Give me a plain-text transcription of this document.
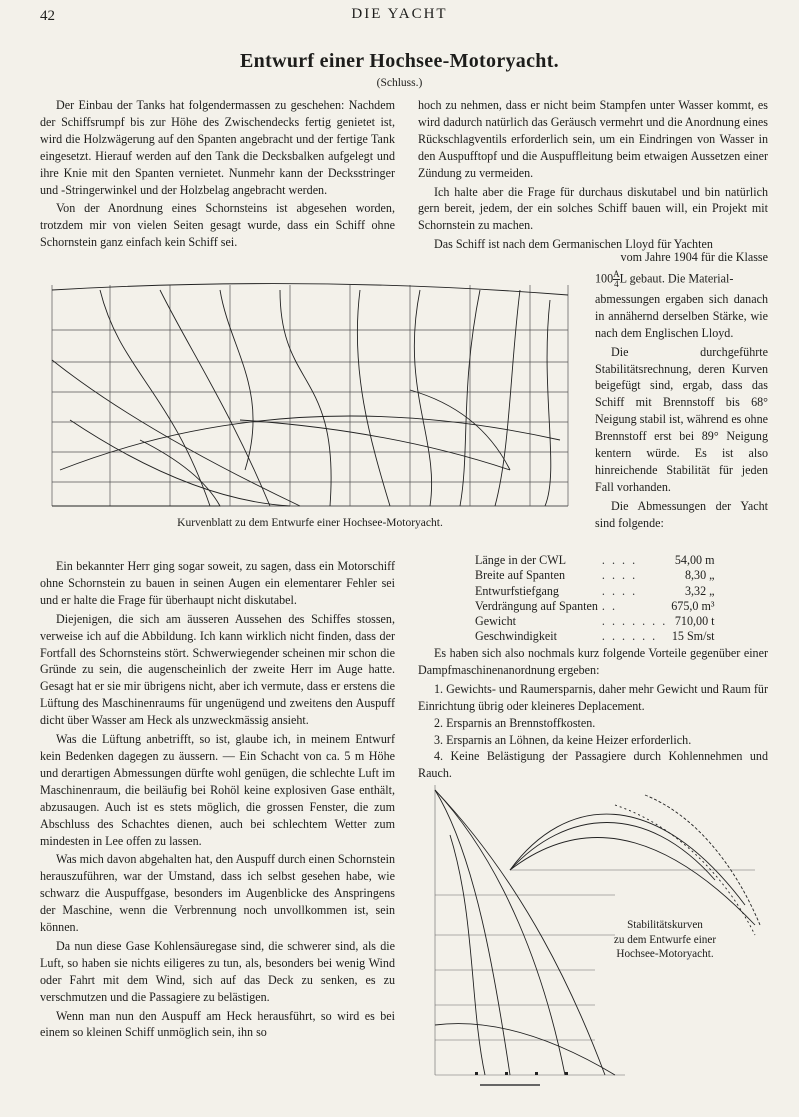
42	DIE YACHT
Entwurf einer Hochsee-Motoryacht.
(Schluss.)

Der Einbau der Tanks hat folgendermassen zu geschehen: Nachdem der Schiffsrumpf bis zur Höhe des Zwischendecks fertig genietet ist, wird die Holzwägerung auf den Spanten angebracht und der fertige Tank eingesetzt. Hierauf werden auf den Tank die Decksbalken aufgelegt und ihre Knie mit den Spanten vernietet. Nunmehr kann der Decksstringer und -Stringerwinkel und der Holzbelag angebracht werden.

Von der Anordnung eines Schornsteins ist abgesehen worden, trotzdem mir von vielen Seiten gesagt wurde, dass ein Schiff ohne Schornstein ganz einfach kein Schiff sei.

hoch zu nehmen, dass er nicht beim Stampfen unter Wasser kommt, es wird dadurch natürlich das Geräusch vermehrt und die Anordnung eines Rückschlagventils erforderlich sein, um ein Eindringen von Wasser in den Auspufftopf und die Auspuffleitung beim etwaigen Aussetzen einer Zündung zu vermeiden.

Ich halte aber die Frage für durchaus diskutabel und bin natürlich gern bereit, jedem, der ein solches Schiff bauen will, ein Projekt mit Schornstein zu machen.

Das Schiff ist nach dem Germanischen Lloyd für Yachten

Kurvenblatt zu dem Entwurfe einer Hochsee-Motoryacht.

vom Jahre 1904 für die Klasse

$100 \frac{A}{4}$ L gebaut. Die Material-

abmessungen ergaben sich danach in annähernd derselben Stärke, wie nach dem Englischen Lloyd.

Die durchgeführte Stabilitätsrechnung, deren Kurven beigefügt sind, ergab, dass das Schiff mit Brennstoff bis 68° Neigung stabil ist, während es ohne Brennstoff erst bei 89° Neigung kentern würde. Es ist also hinreichende Stabilität für jeden Fall vorhanden.

Die Abmessungen der Yacht sind folgende:

Länge in der CWL	. . . .	54,00 m
Breite auf Spanten	. . . .	8,30 „
Entwurfstiefgang	. . . .	3,32 „
Verdrängung auf Spanten	. .	675,0 m³
Gewicht	. . . . . . .	710,00 t
Geschwindigkeit	. . . . . .	15 Sm/st

Es haben sich also nochmals kurz folgende Vorteile gegenüber einer Dampfmaschinenanordnung ergeben:

1. Gewichts- und Raumersparnis, daher mehr Gewicht und Raum für Einrichtung übrig oder kleineres Deplacement.
2. Ersparnis an Brennstoffkosten.
3. Ersparnis an Löhnen, da keine Heizer erforderlich.
4. Keine Belästigung der Passagiere durch Kohlennehmen und Rauch.

Ein bekannter Herr ging sogar soweit, zu sagen, dass ein Motorschiff ohne Schornstein zu bauen in seinen Augen ein elementarer Fehler sei und er halte die Frage für überhaupt nicht diskutabel.

Diejenigen, die sich am äusseren Aussehen des Schiffes stossen, verweise ich auf die Abbildung. Ich kann wirklich nicht finden, dass der Fortfall des Schornsteins stört. Schwerwiegender scheinen mir schon die Gründe zu sein, die augenscheinlich der zweite Herr im Auge hatte. Gesagt hat er sie mir übrigens nicht, aber ich vermute, dass er erstens die Lüftung des Maschinenraums für ungenügend und zweitens den Auspuff dicht über Wasser am Heck als unzweckmässig ansieht.

Was die Lüftung anbetrifft, so ist, glaube ich, in meinem Entwurf kein Bedenken dagegen zu äussern. — Ein Schacht von ca. 5 m Höhe und derartigen Abmessungen dürfte wohl genügen, die schlechte Luft im Maschinenraum, die beiläufig bei Rohöl keine explosiven Gase enthält, abzusaugen. Auch ist es stets möglich, die grossen Fenster, die zum Abschluss des Schachtes dienen, auch bei schlechtem Wetter zum mindesten in Lee offen zu lassen.

Was mich davon abgehalten hat, den Auspuff durch einen Schornstein herauszuführen, war der Umstand, dass ich selbst gesehen habe, wie schwarz die Auspuffgase, besonders im Augenblicke des Anspringens der Maschine, wenn die Verbrennung noch unvollkommen ist, sein können.

Da nun diese Gase Kohlensäuregase sind, die schwerer sind, als die Luft, so haben sie nichts eiligeres zu tun, als, besonders bei wenig Wind oder Fahrt mit dem Wind, sich auf das Deck zu senken, es zu verschmutzen und die Passagiere zu belästigen.

Wenn man nun den Auspuff am Heck herausführt, so wird es bei einem so kleinen Schiff unmöglich sein, ihn so

Stabilitätskurven
zu dem Entwurfe einer
Hochsee-Motoryacht.
